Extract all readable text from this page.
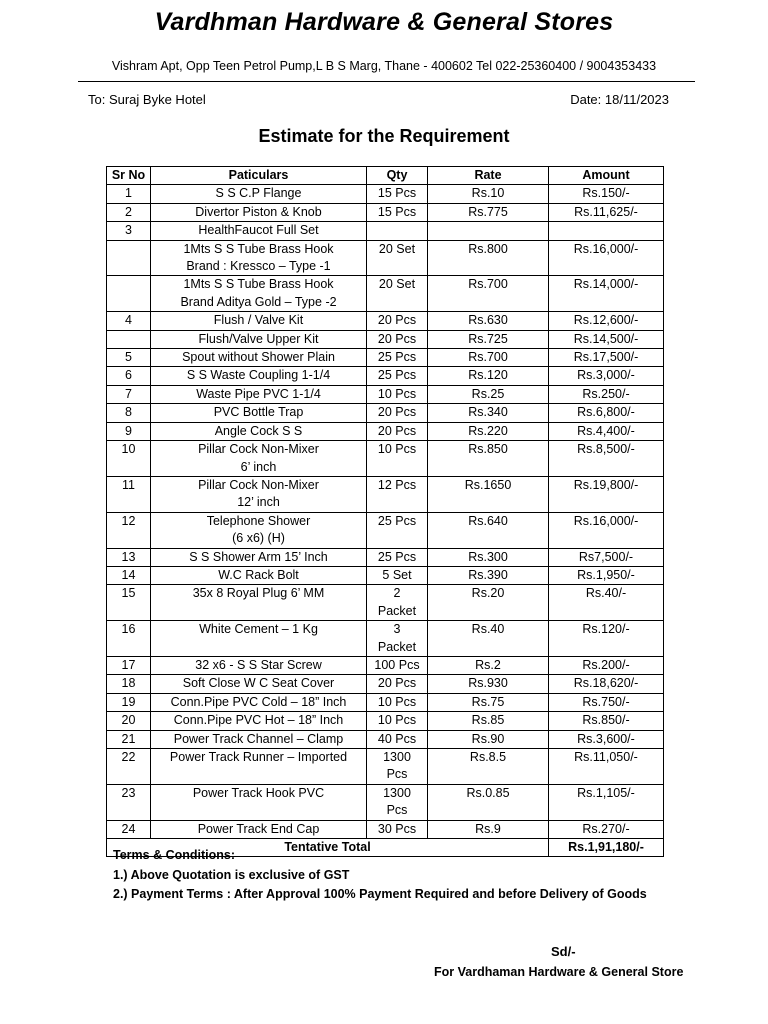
Vardhman Hardware & General Stores
Vishram Apt, Opp Teen Petrol Pump,L B S Marg, Thane - 400602 Tel 022-25360400 / 9004353433
To: Suraj Byke Hotel	Date: 18/11/2023
Estimate for the Requirement
Sr No	Paticulars	Qty	Rate	Amount
1	S S C.P Flange	15 Pcs	Rs.10	Rs.150/-
2	Divertor Piston & Knob	15 Pcs	Rs.775	Rs.11,625/-
3	HealthFaucot Full Set			

	1Mts S S Tube Brass Hook
Brand : Kressco – Type -1	20 Set	Rs.800	Rs.16,000/-

	1Mts S S Tube Brass Hook
Brand Aditya Gold – Type -2	20 Set	Rs.700	Rs.14,000/-
4	Flush / Valve Kit	20 Pcs	Rs.630	Rs.12,600/-

	Flush/Valve Upper Kit	20 Pcs	Rs.725	Rs.14,500/-
5	Spout without Shower Plain	25 Pcs	Rs.700	Rs.17,500/-
6	S S Waste Coupling 1-1/4	25 Pcs	Rs.120	Rs.3,000/-
7	Waste Pipe PVC 1-1/4	10 Pcs	Rs.25	Rs.250/-
8	PVC Bottle Trap	20 Pcs	Rs.340	Rs.6,800/-
9	Angle Cock S S	20 Pcs	Rs.220	Rs.4,400/-
10	Pillar Cock Non-Mixer
6’ inch	10 Pcs	Rs.850	Rs.8,500/-
11	Pillar Cock Non-Mixer
12’ inch	12 Pcs	Rs.1650	Rs.19,800/-
12	Telephone Shower
(6 x6) (H)	25 Pcs	Rs.640	Rs.16,000/-
13	S S Shower Arm 15’ Inch	25 Pcs	Rs.300	Rs7,500/-
14	W.C Rack Bolt	5 Set	Rs.390	Rs.1,950/-
15	35x 8 Royal Plug 6’ MM	2
Packet	Rs.20	Rs.40/-
16	White Cement – 1 Kg	3
Packet	Rs.40	Rs.120/-
17	32 x6 - S S Star Screw	100 Pcs	Rs.2	Rs.200/-
18	Soft Close W C Seat Cover	20 Pcs	Rs.930	Rs.18,620/-
19	Conn.Pipe PVC Cold – 18” Inch	10 Pcs	Rs.75	Rs.750/-
20	Conn.Pipe PVC Hot – 18” Inch	10 Pcs	Rs.85	Rs.850/-
21	Power Track Channel – Clamp	40 Pcs	Rs.90	Rs.3,600/-
22	Power Track Runner – Imported	1300
Pcs	Rs.8.5	Rs.11,050/-
23	Power Track Hook PVC	1300
Pcs	Rs.0.85	Rs.1,105/-
24	Power Track End Cap	30 Pcs	Rs.9	Rs.270/-
Tentative Total				Rs.1,91,180/-
Terms & Conditions:
1.) Above Quotation is exclusive of GST
2.) Payment Terms : After Approval 100% Payment Required and before Delivery of Goods
Sd/-
For Vardhaman Hardware & General Store
